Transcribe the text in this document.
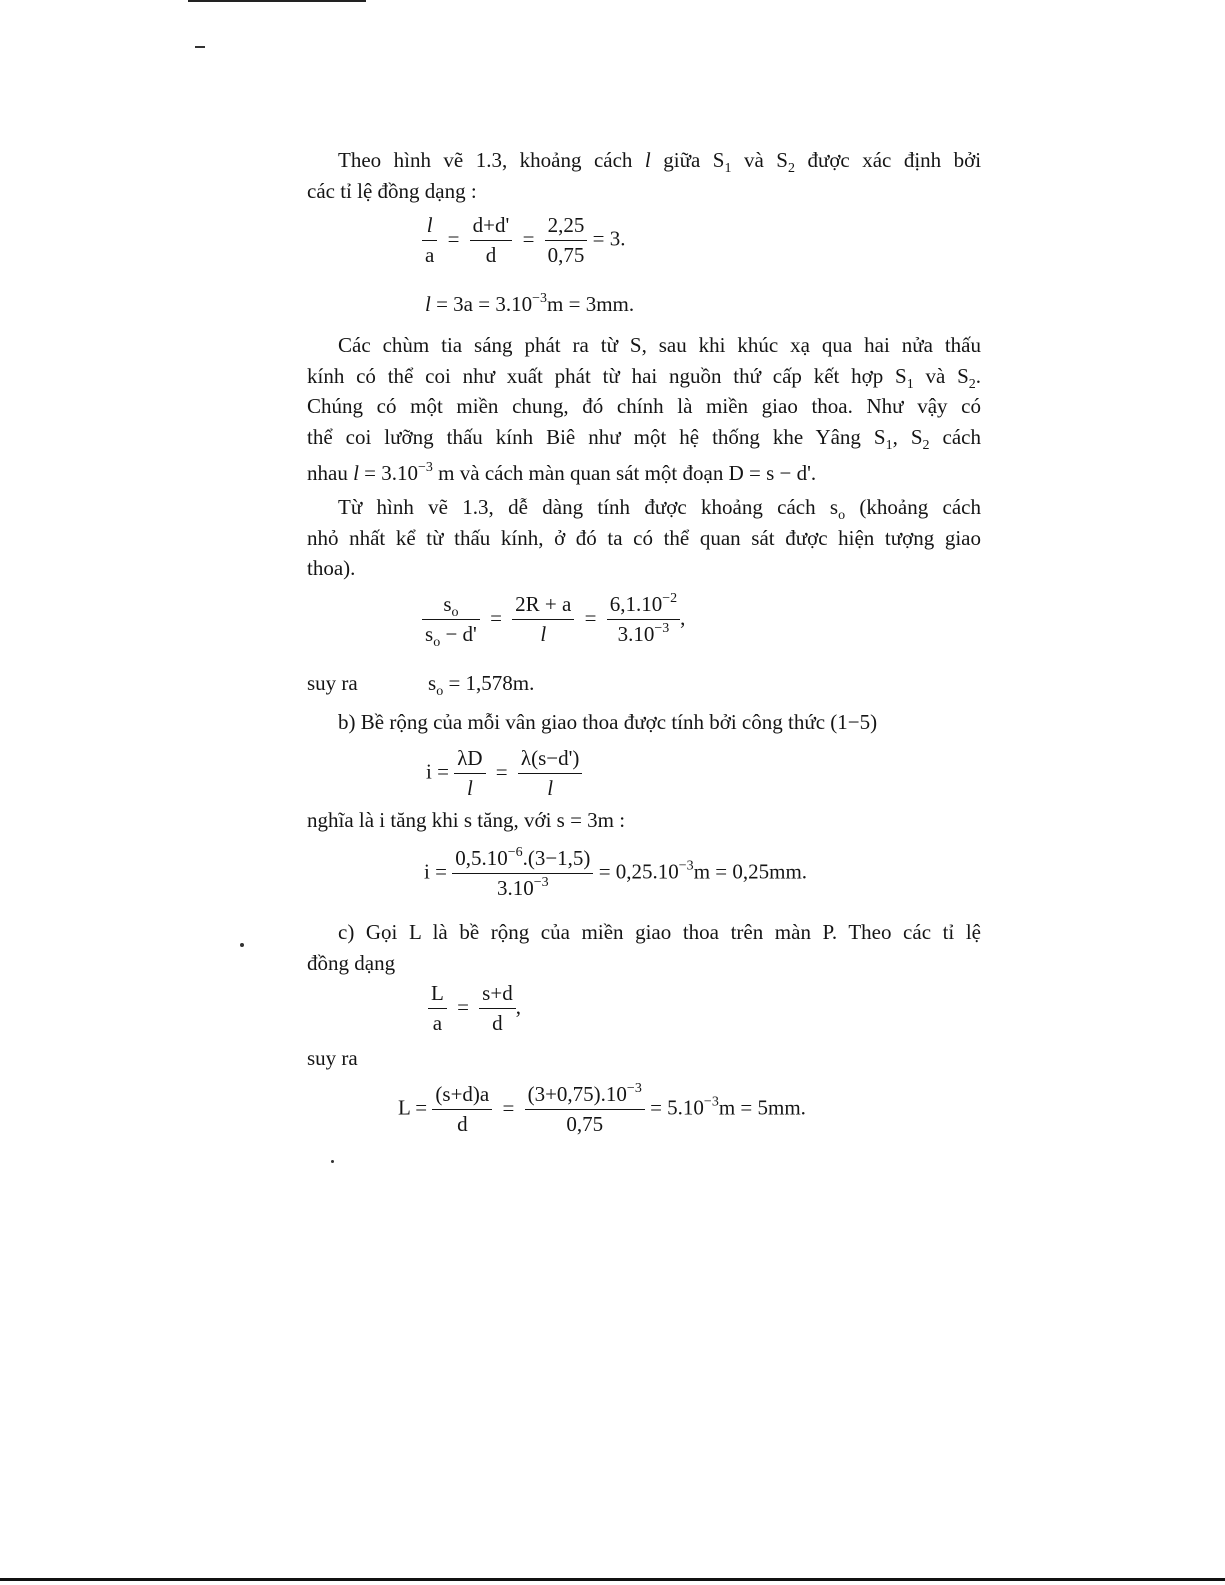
Theo hình vẽ 1.3, khoảng cách l giữa $S_1$ và $S_2$ được xác định bởi
các tỉ lệ đồng dạng :
$\frac{l}{a} = \frac{d+d'}{d} = \frac{2,25}{0,75} = 3$.
$l = 3a = 3.10^{-3}m = 3mm$.
Các chùm tia sáng phát ra từ S, sau khi khúc xạ qua hai nửa thấu
kính có thể coi như xuất phát từ hai nguồn thứ cấp kết hợp $S_1$ và $S_2$.
Chúng có một miền chung, đó chính là miền giao thoa. Như vậy có
thể coi lưỡng thấu kính Biê như một hệ thống khe Yâng $S_1$, $S_2$ cách
nhau $l = 3.10^{-3}$ m và cách màn quan sát một đoạn D = s − d'.
Từ hình vẽ 1.3, dễ dàng tính được khoảng cách $s_o$ (khoảng cách
nhỏ nhất kể từ thấu kính, ở đó ta có thể quan sát được hiện tượng giao
thoa).
$\frac{s_o}{s_o - d'} = \frac{2R + a}{l} = \frac{6,1.10^{-2}}{3.10^{-3}}$ ,
suy ra	$s_o = 1,578m$.
b) Bề rộng của mỗi vân giao thoa được tính bởi công thức (1−5)
$i = \frac{\lambda D}{l} = \frac{\lambda(s-d')}{l}$
nghĩa là i tăng khi s tăng, với s = 3m :
$i = \frac{0,5.10^{-6}.(3-1,5)}{3.10^{-3}} = 0,25.10^{-3}m = 0,25mm$.
c) Gọi L là bề rộng của miền giao thoa trên màn P. Theo các tỉ lệ
đồng dạng
$\frac{L}{a} = \frac{s+d}{d}$ ,
suy ra
$L = \frac{(s+d)a}{d} = \frac{(3+0,75).10^{-3}}{0,75} = 5.10^{-3}m = 5mm$.
